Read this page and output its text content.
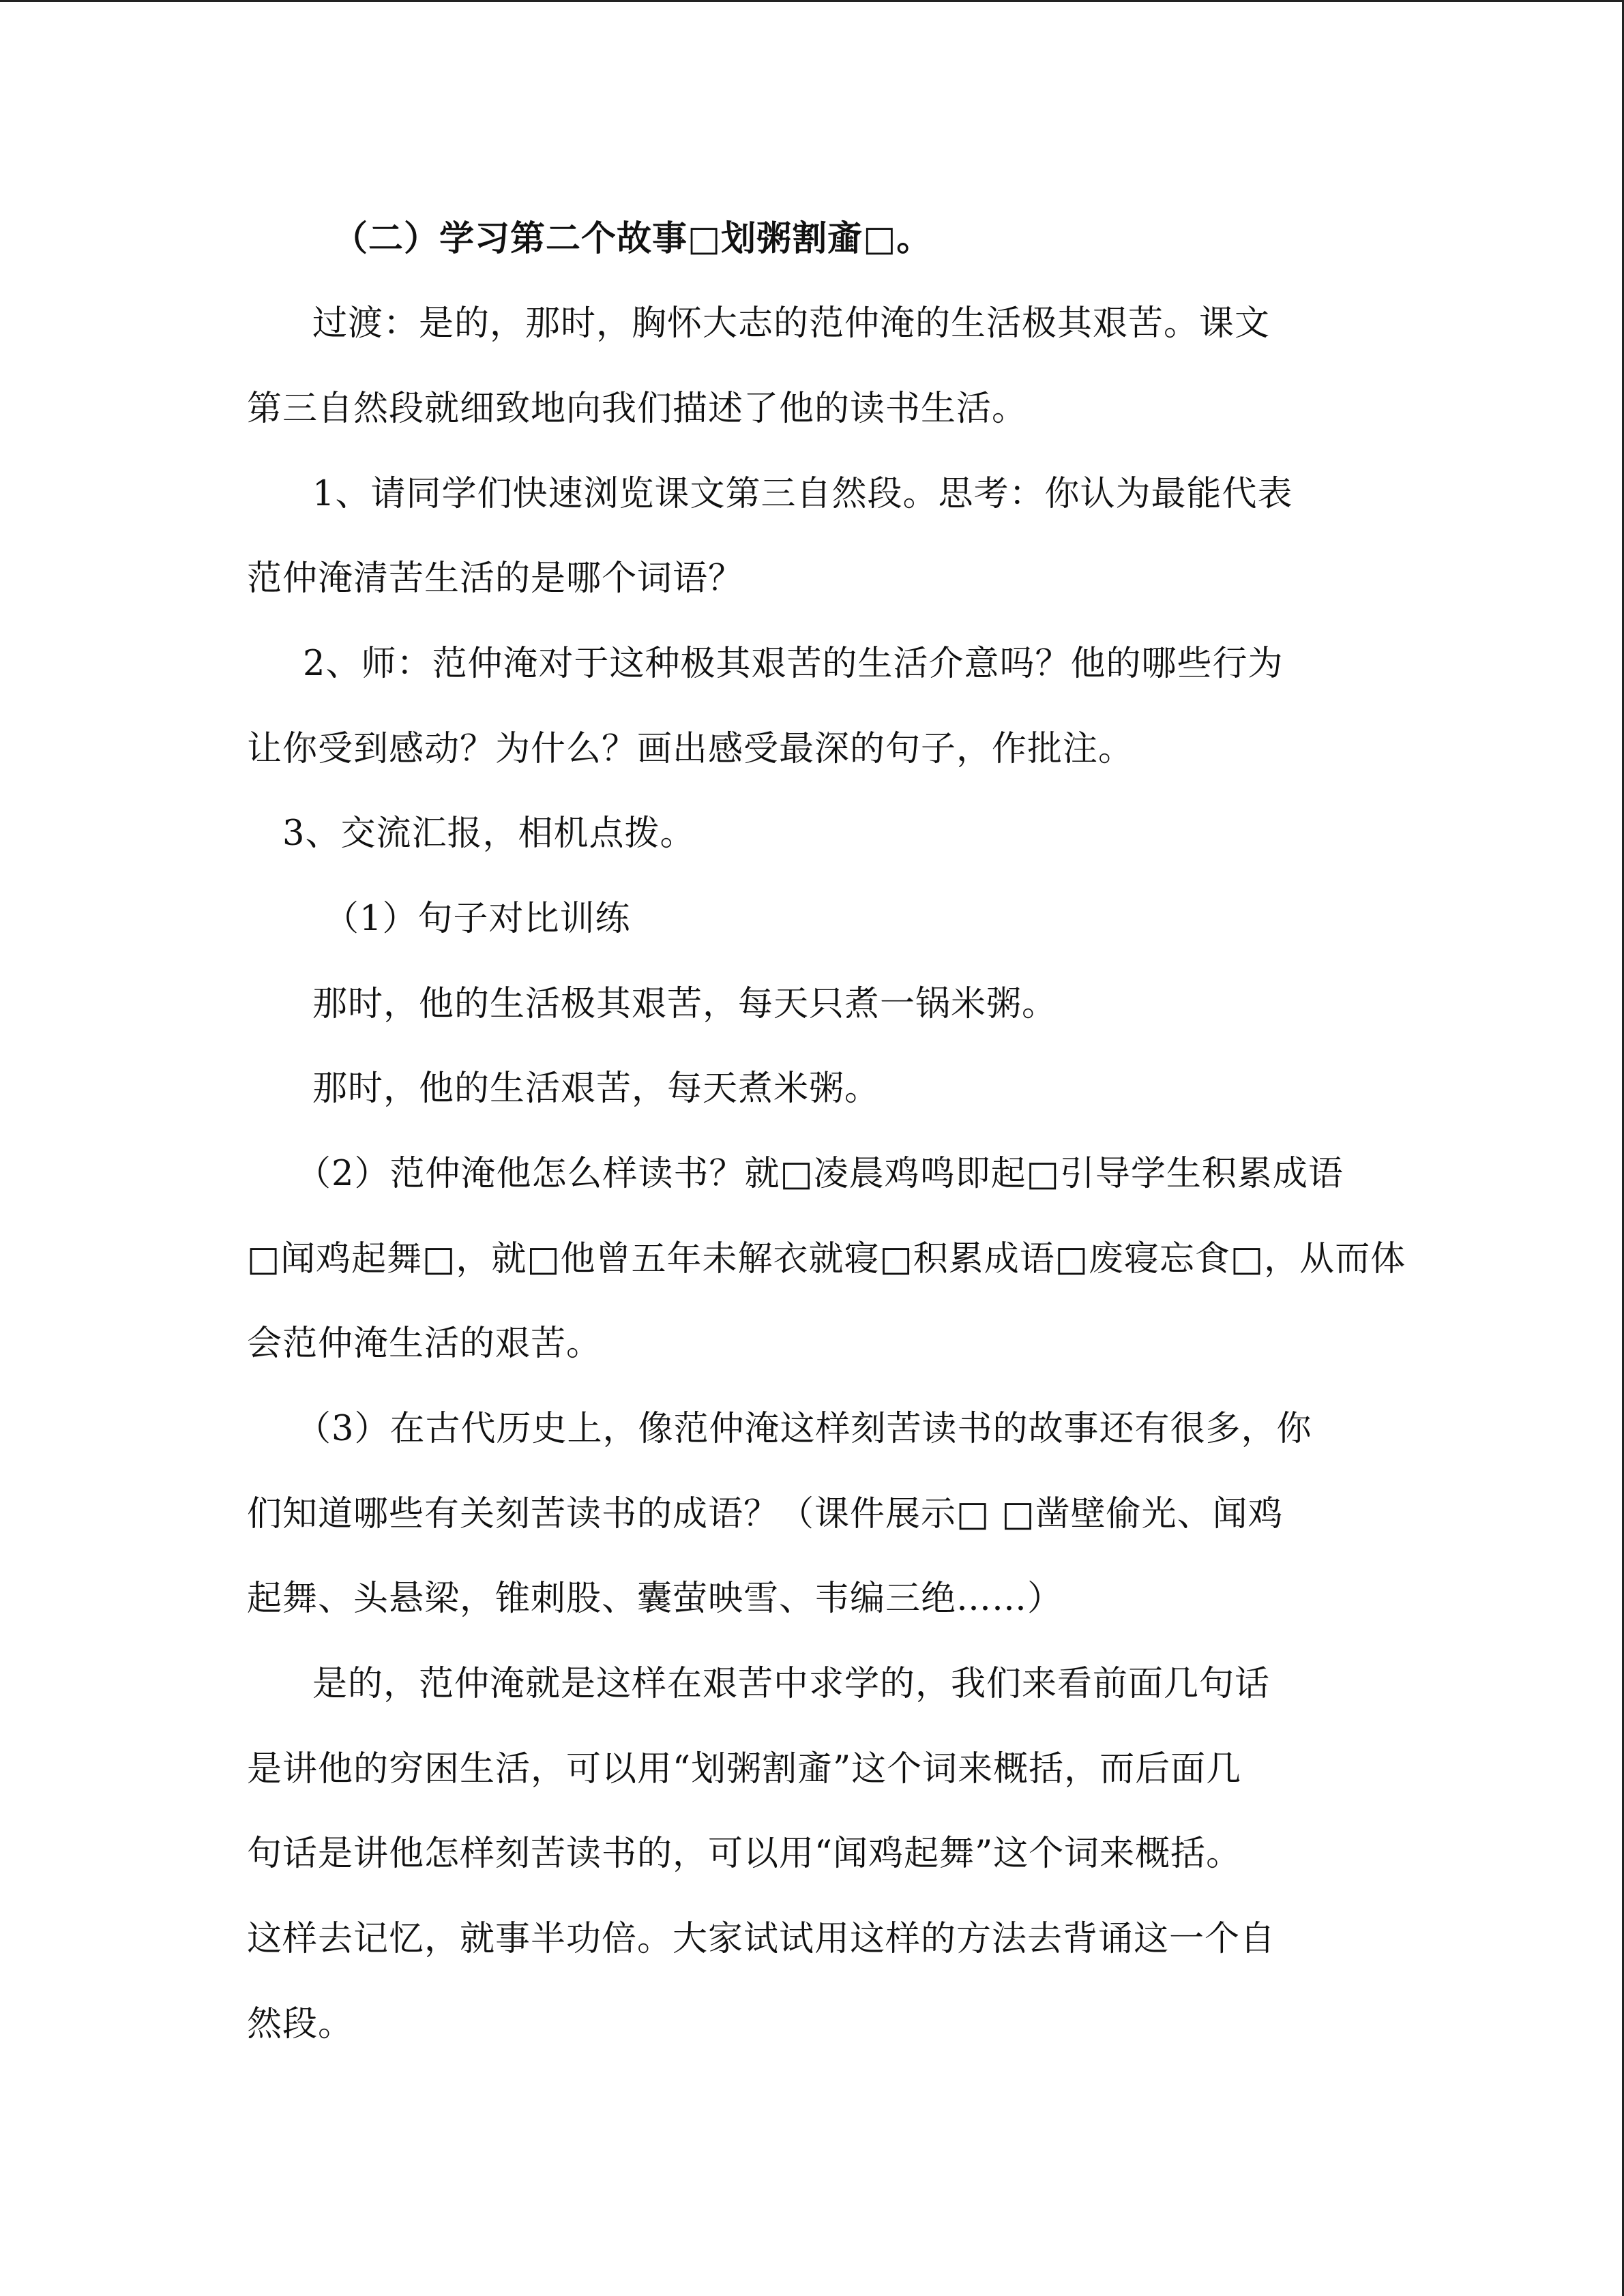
（二）学习第二个故事□划粥割齑□。
过渡：是的，那时，胸怀大志的范仲淹的生活极其艰苦。课文
第三自然段就细致地向我们描述了他的读书生活。
1、请同学们快速浏览课文第三自然段。思考：你认为最能代表
范仲淹清苦生活的是哪个词语？
2、师：范仲淹对于这种极其艰苦的生活介意吗？他的哪些行为
让你受到感动？为什么？画出感受最深的句子，作批注。
3、交流汇报，相机点拨。
（1）句子对比训练
那时，他的生活极其艰苦，每天只煮一锅米粥。
那时，他的生活艰苦，每天煮米粥。
（2）范仲淹他怎么样读书？就□凌晨鸡鸣即起□引导学生积累成语
□闻鸡起舞□，就□他曾五年未解衣就寝□积累成语□废寝忘食□，从而体
会范仲淹生活的艰苦。
（3）在古代历史上，像范仲淹这样刻苦读书的故事还有很多，你
们知道哪些有关刻苦读书的成语？（课件展示□ □凿壁偷光、闻鸡
起舞、头悬梁，锥刺股、囊萤映雪、韦编三绝……）
是的，范仲淹就是这样在艰苦中求学的，我们来看前面几句话
是讲他的穷困生活，可以用“划粥割齑”这个词来概括，而后面几
句话是讲他怎样刻苦读书的，可以用“闻鸡起舞”这个词来概括。
这样去记忆，就事半功倍。大家试试用这样的方法去背诵这一个自
然段。
